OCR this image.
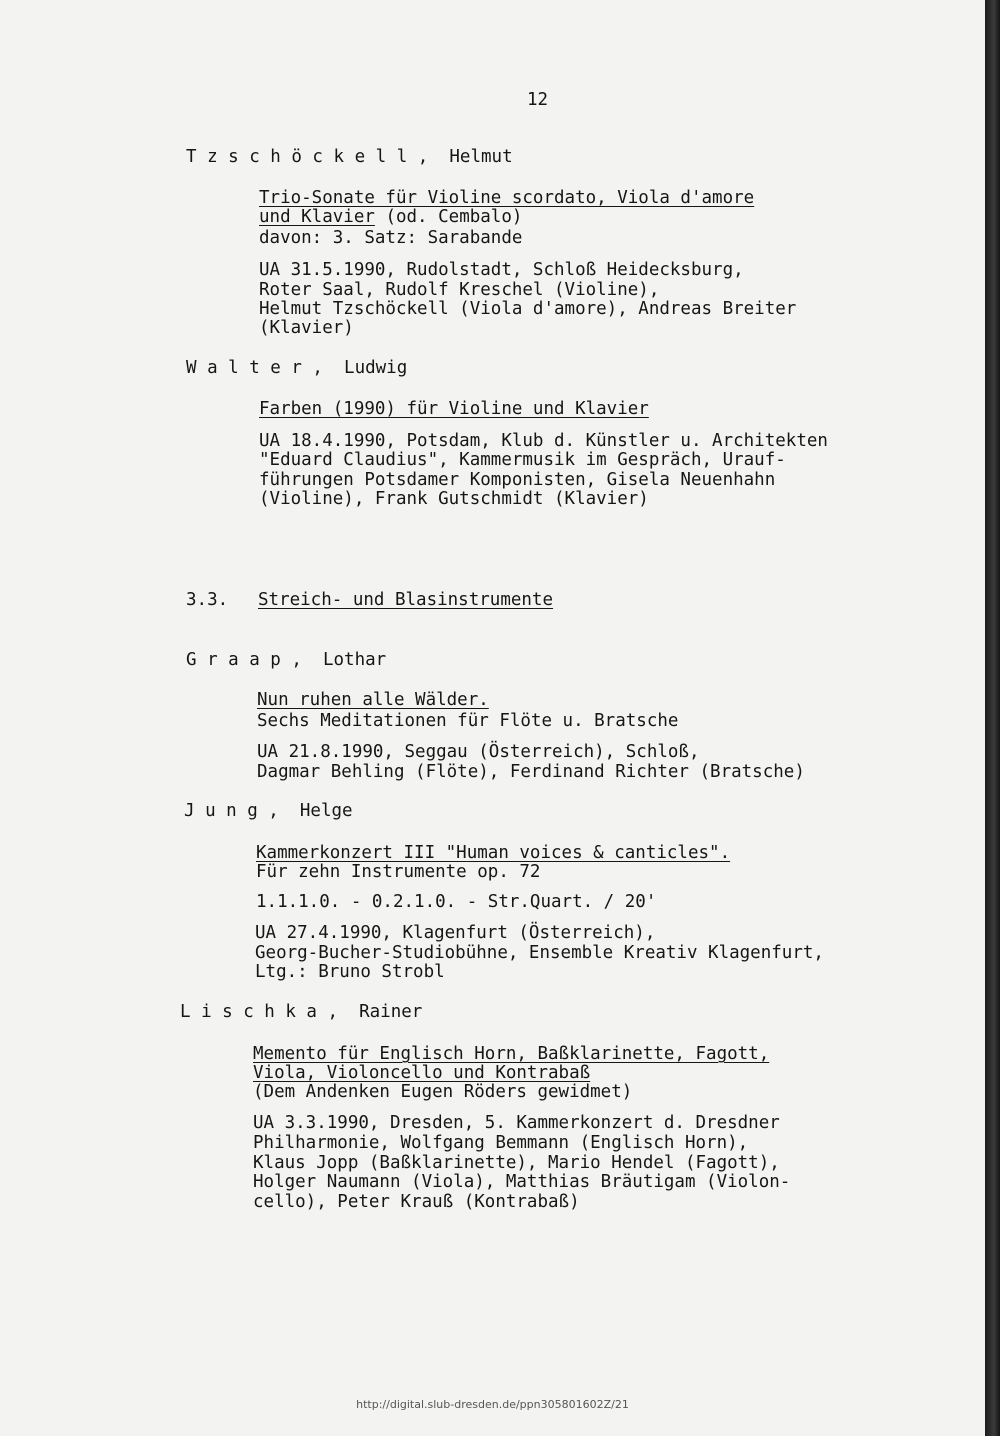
12
T z s c h ö c k e l l ,  Helmut
Trio-Sonate für Violine scordato, Viola d'amore
und Klavier (od. Cembalo)
davon: 3. Satz: Sarabande
UA 31.5.1990, Rudolstadt, Schloß Heidecksburg,
Roter Saal, Rudolf Kreschel (Violine),
Helmut Tzschöckell (Viola d'amore), Andreas Breiter
(Klavier)
W a l t e r ,  Ludwig
Farben (1990) für Violine und Klavier
UA 18.4.1990, Potsdam, Klub d. Künstler u. Architekten
"Eduard Claudius", Kammermusik im Gespräch, Urauf-
führungen Potsdamer Komponisten, Gisela Neuenhahn
(Violine), Frank Gutschmidt (Klavier)
3.3. Streich- und Blasinstrumente
G r a a p ,  Lothar
Nun ruhen alle Wälder.
Sechs Meditationen für Flöte u. Bratsche
UA 21.8.1990, Seggau (Österreich), Schloß,
Dagmar Behling (Flöte), Ferdinand Richter (Bratsche)
J u n g ,  Helge
Kammerkonzert III "Human voices & canticles".
Für zehn Instrumente op. 72
1.1.1.0. - 0.2.1.0. - Str.Quart. / 20'
UA 27.4.1990, Klagenfurt (Österreich),
Georg-Bucher-Studiobühne, Ensemble Kreativ Klagenfurt,
Ltg.: Bruno Strobl
L i s c h k a ,  Rainer
Memento für Englisch Horn, Baßklarinette, Fagott,
Viola, Violoncello und Kontrabaß
(Dem Andenken Eugen Röders gewidmet)
UA 3.3.1990, Dresden, 5. Kammerkonzert d. Dresdner
Philharmonie, Wolfgang Bemmann (Englisch Horn),
Klaus Jopp (Baßklarinette), Mario Hendel (Fagott),
Holger Naumann (Viola), Matthias Bräutigam (Violon-
cello), Peter Krauß (Kontrabaß)
http://digital.slub-dresden.de/ppn305801602Z/21
